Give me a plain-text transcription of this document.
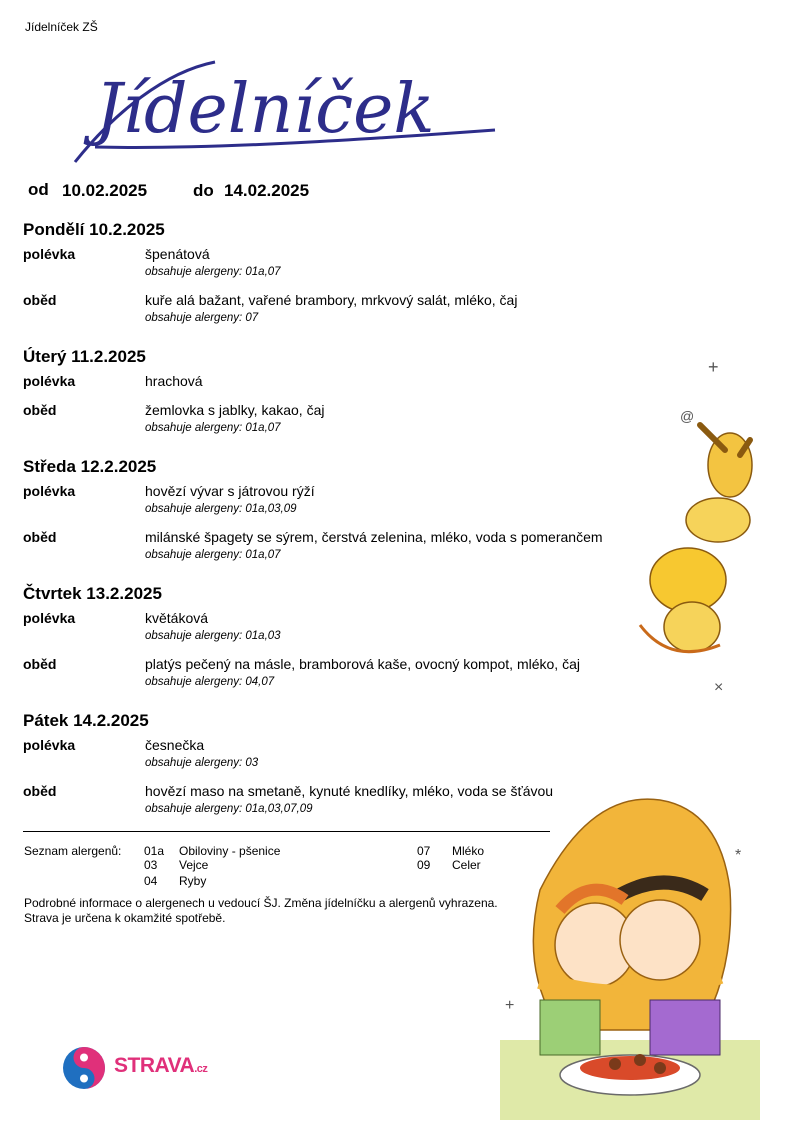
Jídelníček ZŠ
Jídelníček
od 10.02.2025	do 14.02.2025
Pondělí 10.2.2025
polévka	špenátová
obsahuje alergeny: 01a,07
oběd	kuře alá bažant, vařené brambory, mrkvový salát, mléko, čaj
obsahuje alergeny: 07
Úterý 11.2.2025
polévka	hrachová
oběd	žemlovka s jablky, kakao, čaj
obsahuje alergeny: 01a,07
Středa 12.2.2025
polévka	hovězí vývar s játrovou rýží
obsahuje alergeny: 01a,03,09
oběd	milánské špagety se sýrem, čerstvá zelenina, mléko, voda s pomerančem
obsahuje alergeny: 01a,07
Čtvrtek 13.2.2025
polévka	květáková
obsahuje alergeny: 01a,03
oběd	platýs pečený na másle, bramborová kaše, ovocný kompot, mléko, čaj
obsahuje alergeny: 04,07
Pátek 14.2.2025
polévka	česnečka
obsahuje alergeny: 03
oběd	hovězí maso na smetaně, kynuté knedlíky, mléko, voda se šťávou
obsahuje alergeny: 01a,03,07,09
Seznam alergenů: 01a Obiloviny - pšenice
03 Vejce
04 Ryby
07 Mléko
09 Celer
Podrobné informace o alergenech u vedoucí ŠJ. Změna jídelníčku a alergenů vyhrazena.
Strava je určena k okamžité spotřebě.
STRAVA.cz
+
@
×
*
+
